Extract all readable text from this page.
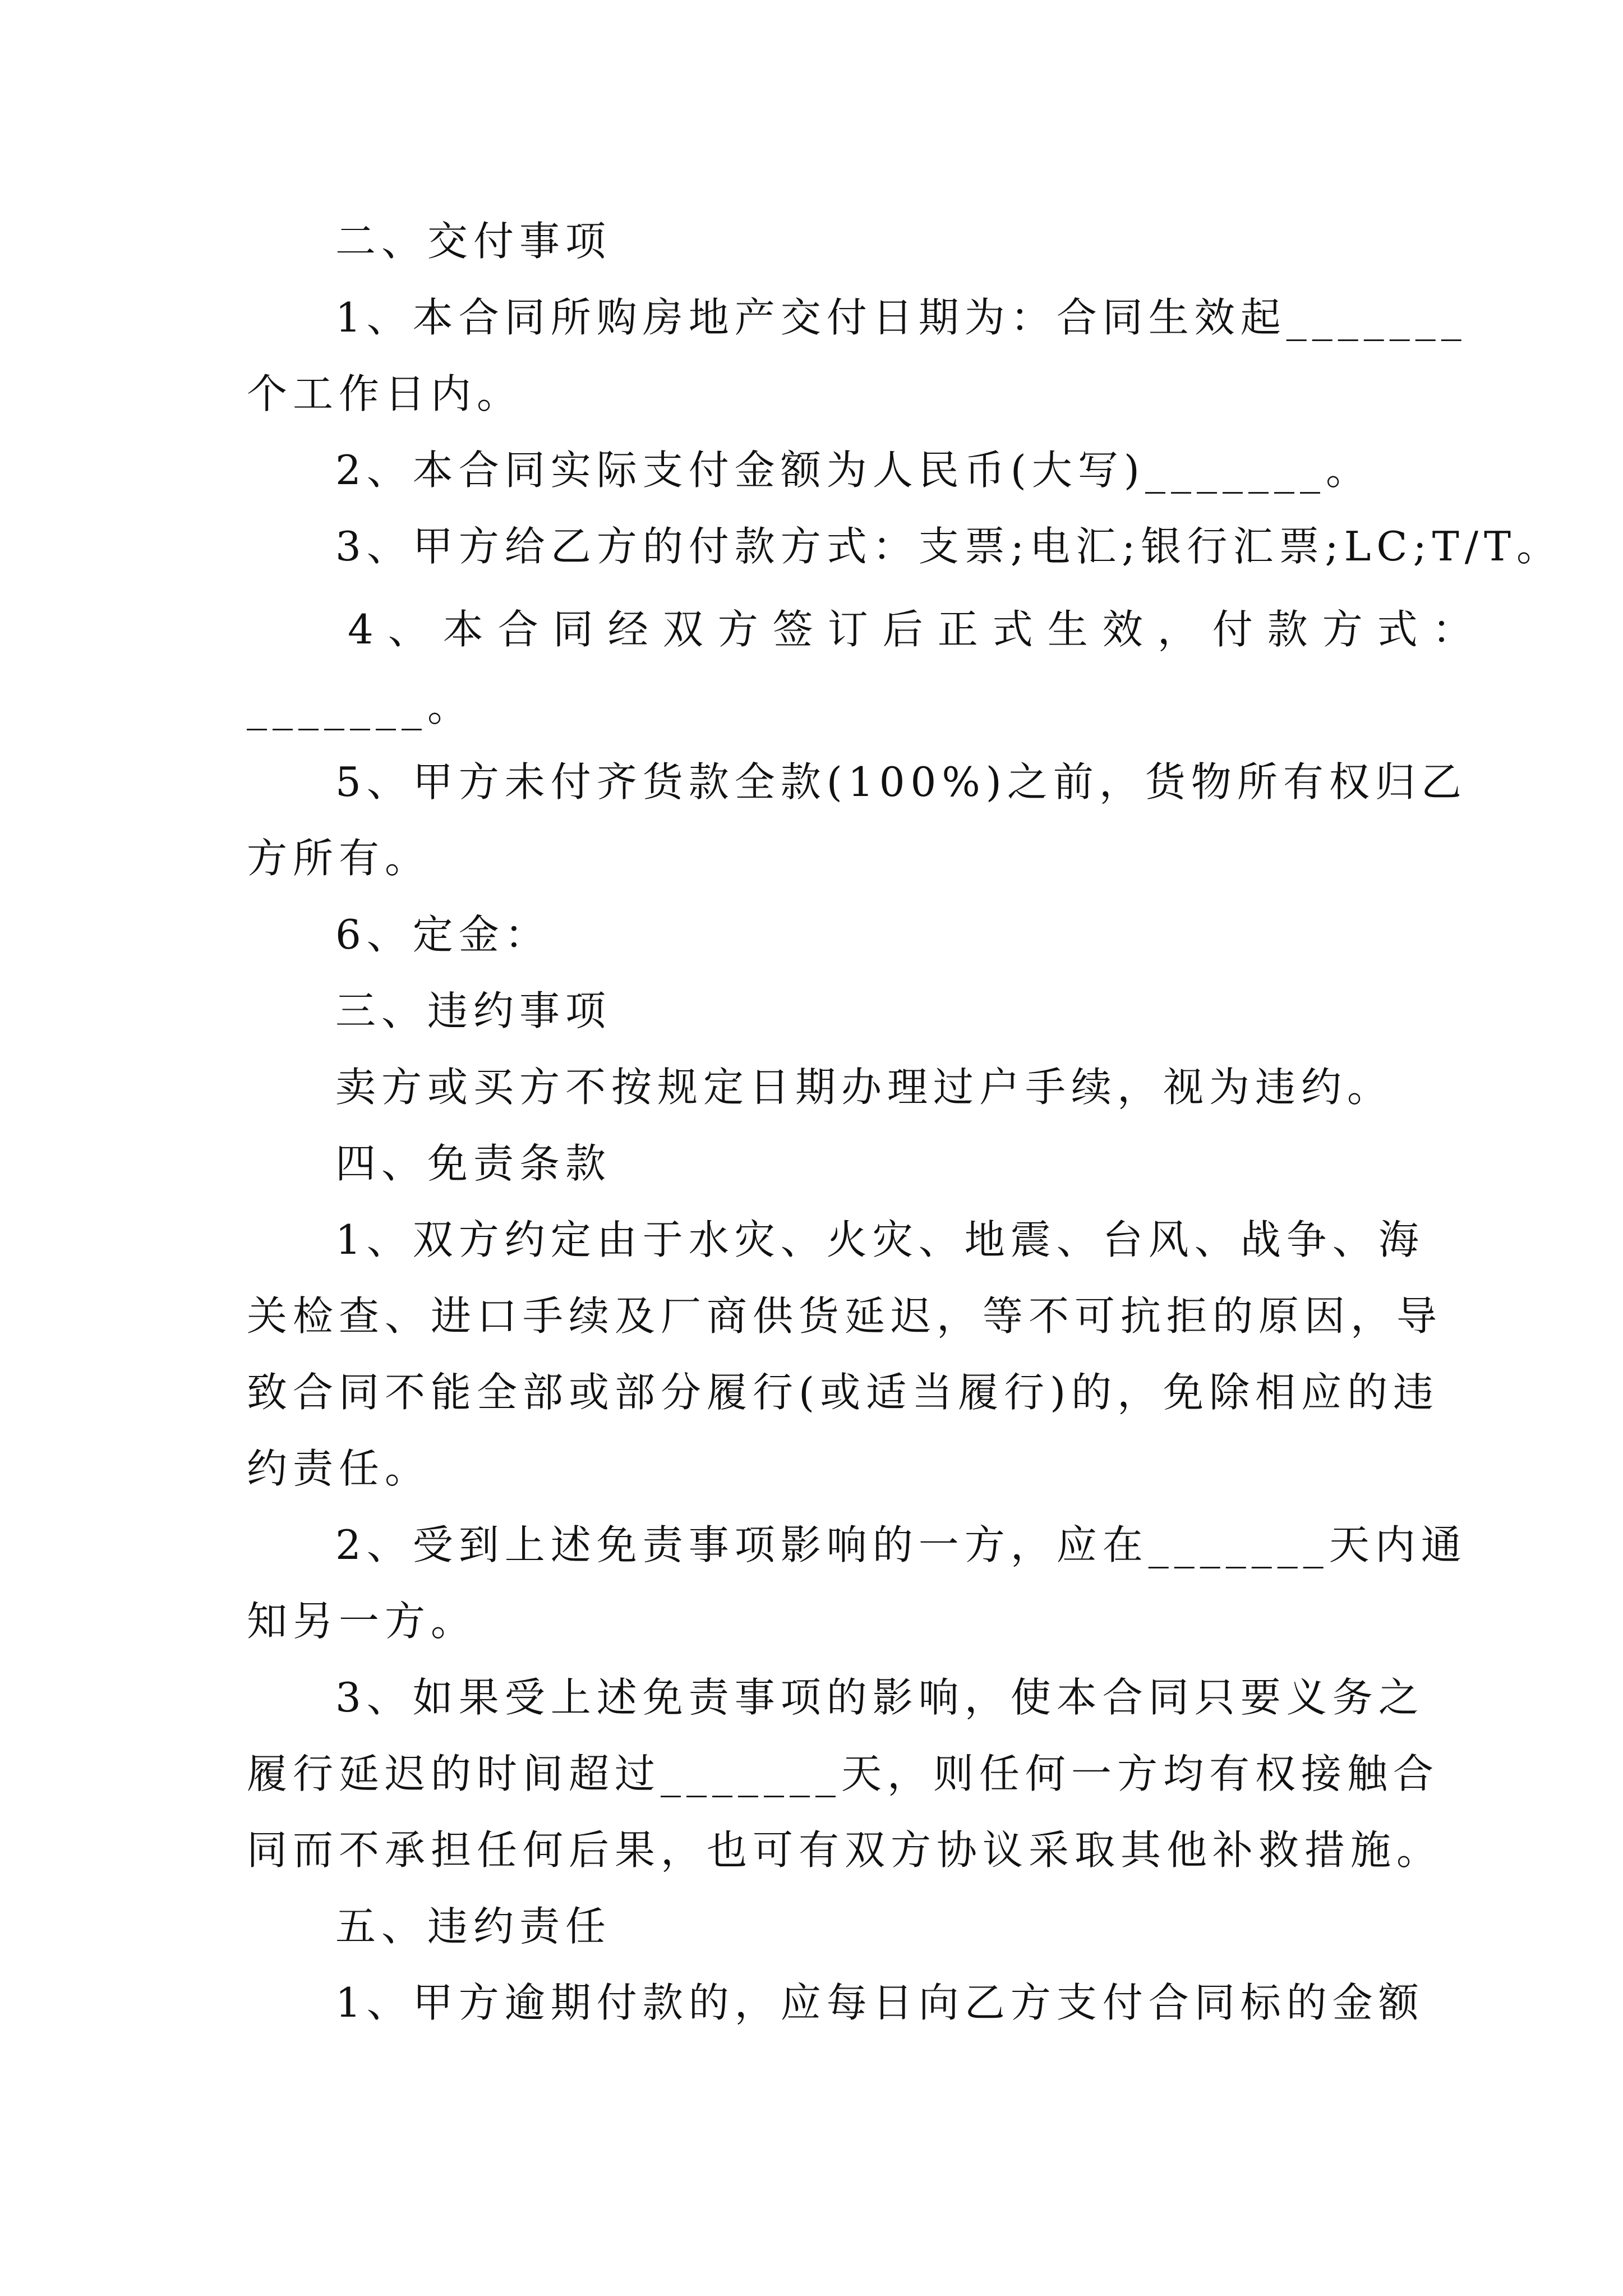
二、交付事项

1、本合同所购房地产交付日期为：合同生效起_______

个工作日内。

2、本合同实际支付金额为人民币(大写)_______。

3、甲方给乙方的付款方式：支票;电汇;银行汇票;LC;T/T。

4、本合同经双方签订后正式生效，付款方式：

_______。

5、甲方未付齐货款全款(100%)之前，货物所有权归乙

方所有。

6、定金：

三、违约事项

卖方或买方不按规定日期办理过户手续，视为违约。

四、免责条款

1、双方约定由于水灾、火灾、地震、台风、战争、海

关检查、进口手续及厂商供货延迟，等不可抗拒的原因，导

致合同不能全部或部分履行(或适当履行)的，免除相应的违

约责任。

2、受到上述免责事项影响的一方，应在_______天内通

知另一方。

3、如果受上述免责事项的影响，使本合同只要义务之

履行延迟的时间超过_______天，则任何一方均有权接触合

同而不承担任何后果，也可有双方协议采取其他补救措施。

五、违约责任

1、甲方逾期付款的，应每日向乙方支付合同标的金额
